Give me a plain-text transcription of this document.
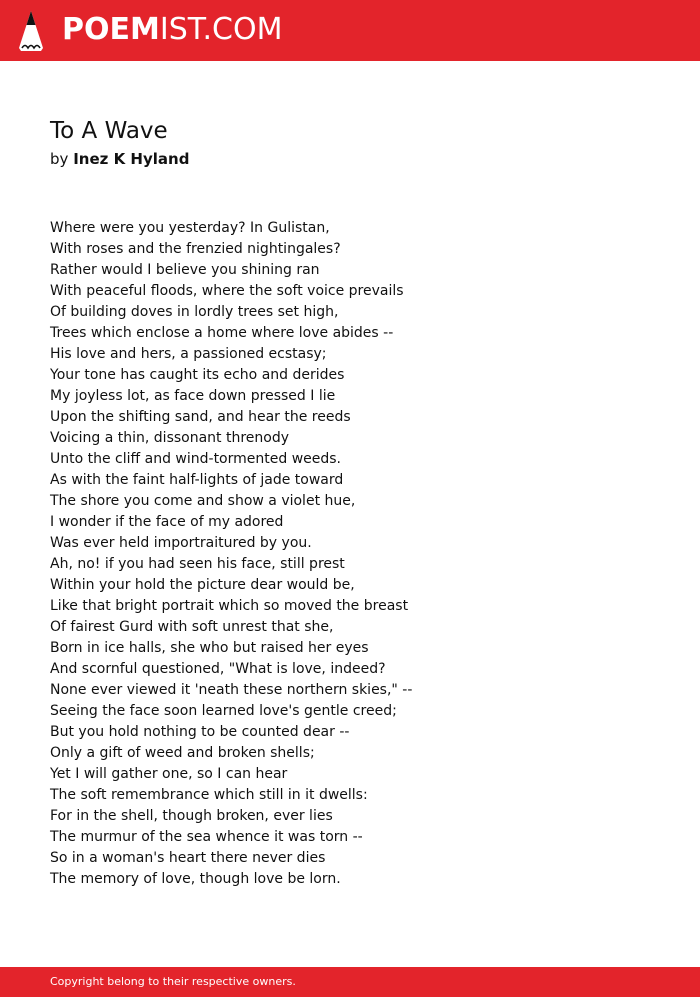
POEMIST.COM
To A Wave
by Inez K Hyland
Where were you yesterday? In Gulistan,
With roses and the frenzied nightingales?
Rather would I believe you shining ran
With peaceful floods, where the soft voice prevails
Of building doves in lordly trees set high,
Trees which enclose a home where love abides --
His love and hers, a passioned ecstasy;
Your tone has caught its echo and derides
My joyless lot, as face down pressed I lie
Upon the shifting sand, and hear the reeds
Voicing a thin, dissonant threnody
Unto the cliff and wind-tormented weeds.
As with the faint half-lights of jade toward
The shore you come and show a violet hue,
I wonder if the face of my adored
Was ever held importraitured by you.
Ah, no! if you had seen his face, still prest
Within your hold the picture dear would be,
Like that bright portrait which so moved the breast
Of fairest Gurd with soft unrest that she,
Born in ice halls, she who but raised her eyes
And scornful questioned, "What is love, indeed?
None ever viewed it 'neath these northern skies," --
Seeing the face soon learned love's gentle creed;
But you hold nothing to be counted dear --
Only a gift of weed and broken shells;
Yet I will gather one, so I can hear
The soft remembrance which still in it dwells:
For in the shell, though broken, ever lies
The murmur of the sea whence it was torn --
So in a woman's heart there never dies
The memory of love, though love be lorn.
Copyright belong to their respective owners.
